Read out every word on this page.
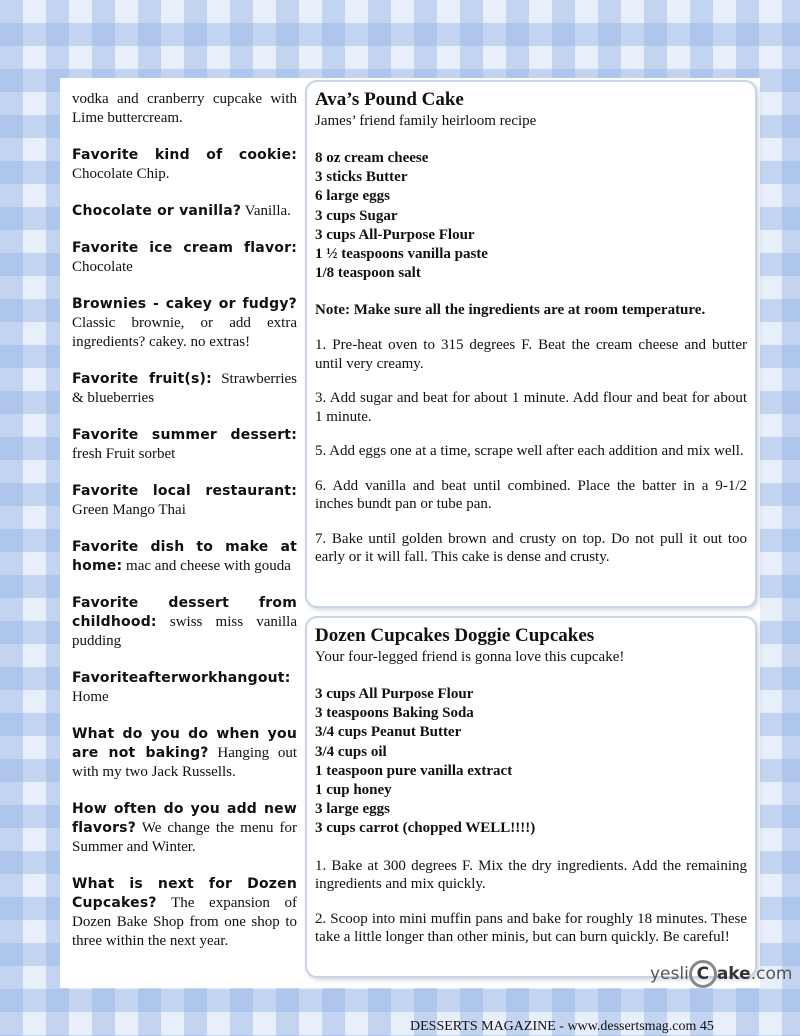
vodka and cranberry cupcake with Lime buttercream.

Favorite kind of cookie: Chocolate Chip.

Chocolate or vanilla? Vanilla.

Favorite ice cream flavor: Chocolate

Brownies - cakey or fudgy? Classic brownie, or add extra ingredients? cakey. no extras!

Favorite fruit(s): Strawberries & blueberries

Favorite summer dessert: fresh Fruit sorbet

Favorite local restaurant: Green Mango Thai

Favorite dish to make at home: mac and cheese with gouda

Favorite dessert from childhood: swiss miss vanilla pudding

Favoriteafterworkhangout: Home

What do you do when you are not baking? Hanging out with my two Jack Russells.

How often do you add new flavors? We change the menu for Summer and Winter.

What is next for Dozen Cupcakes? The expansion of Dozen Bake Shop from one shop to three within the next year.

Ava’s Pound Cake

James’ friend family heirloom recipe

8 oz cream cheese

3 sticks Butter

6 large eggs

3 cups Sugar

3 cups All-Purpose Flour

1 ½ teaspoons vanilla paste

1/8 teaspoon salt

Note: Make sure all the ingredients are at room temperature.

1. Pre-heat oven to 315 degrees F. Beat the cream cheese and butter until very creamy.

3. Add sugar and beat for about 1 minute. Add flour and beat for about 1 minute.

5. Add eggs one at a time, scrape well after each addition and mix well.

6. Add vanilla and beat until combined. Place the batter in a 9-1/2 inches bundt pan or tube pan.

7. Bake until golden brown and crusty on top. Do not pull it out too early or it will fall. This cake is dense and crusty.

Dozen Cupcakes Doggie Cupcakes

Your four-legged friend is gonna love this cupcake!

3 cups All Purpose Flour

3 teaspoons Baking Soda

3/4 cups Peanut Butter

3/4 cups oil

1 teaspoon pure vanilla extract

1 cup honey

3 large eggs

3 cups carrot (chopped WELL!!!!)

1. Bake at 300 degrees F. Mix the dry ingredients. Add the remaining ingredients and mix quickly.

2. Scoop into mini muffin pans and bake for roughly 18 minutes. These take a little longer than other minis, but can burn quickly. Be careful!

yesli C ake.com
DESSERTS MAGAZINE - www.dessertsmag.com 45
